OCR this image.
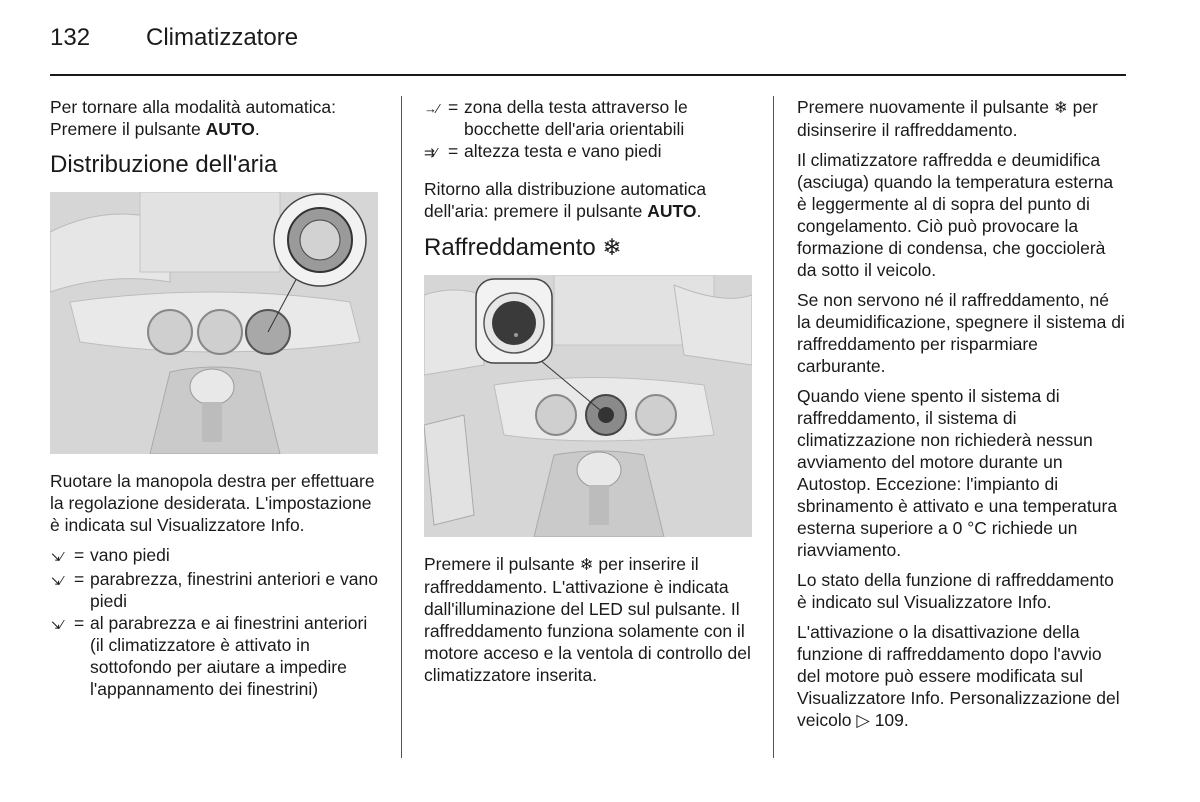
132 Climatizzatore

Per tornare alla modalità automatica:
Premere il pulsante AUTO.

Distribuzione dell'aria

Ruotare la manopola destra per effettuare la regolazione desiderata. L'impostazione è indicata sul Visualizzatore Info.

↘⁄ = vano piedi
↘⁄ = parabrezza, finestrini anteriori e vano piedi
↘⁄ = al parabrezza e ai finestrini anteriori (il climatizzatore è attivato in sottofondo per aiutare a impedire l'appannamento dei finestrini)
→⁄ = zona della testa attraverso le bocchette dell'aria orientabili
⇉⁄ = altezza testa e vano piedi

Ritorno alla distribuzione automatica dell'aria: premere il pulsante AUTO.

Raffreddamento ❄

Premere il pulsante ❄ per inserire il raffreddamento. L'attivazione è indicata dall'illuminazione del LED sul pulsante. Il raffreddamento funziona solamente con il motore acceso e la ventola di controllo del climatizzatore inserita.

Premere nuovamente il pulsante ❄ per disinserire il raffreddamento.

Il climatizzatore raffredda e deumidifica (asciuga) quando la temperatura esterna è leggermente al di sopra del punto di congelamento. Ciò può provocare la formazione di condensa, che gocciolerà da sotto il veicolo.

Se non servono né il raffreddamento, né la deumidificazione, spegnere il sistema di raffreddamento per risparmiare carburante.

Quando viene spento il sistema di raffreddamento, il sistema di climatizzazione non richiederà nessun avviamento del motore durante un Autostop. Eccezione: l'impianto di sbrinamento è attivato e una temperatura esterna superiore a 0 °C richiede un riavviamento.

Lo stato della funzione di raffreddamento è indicato sul Visualizzatore Info.

L'attivazione o la disattivazione della funzione di raffreddamento dopo l'avvio del motore può essere modificata sul Visualizzatore Info. Personalizzazione del veicolo ▷ 109.
